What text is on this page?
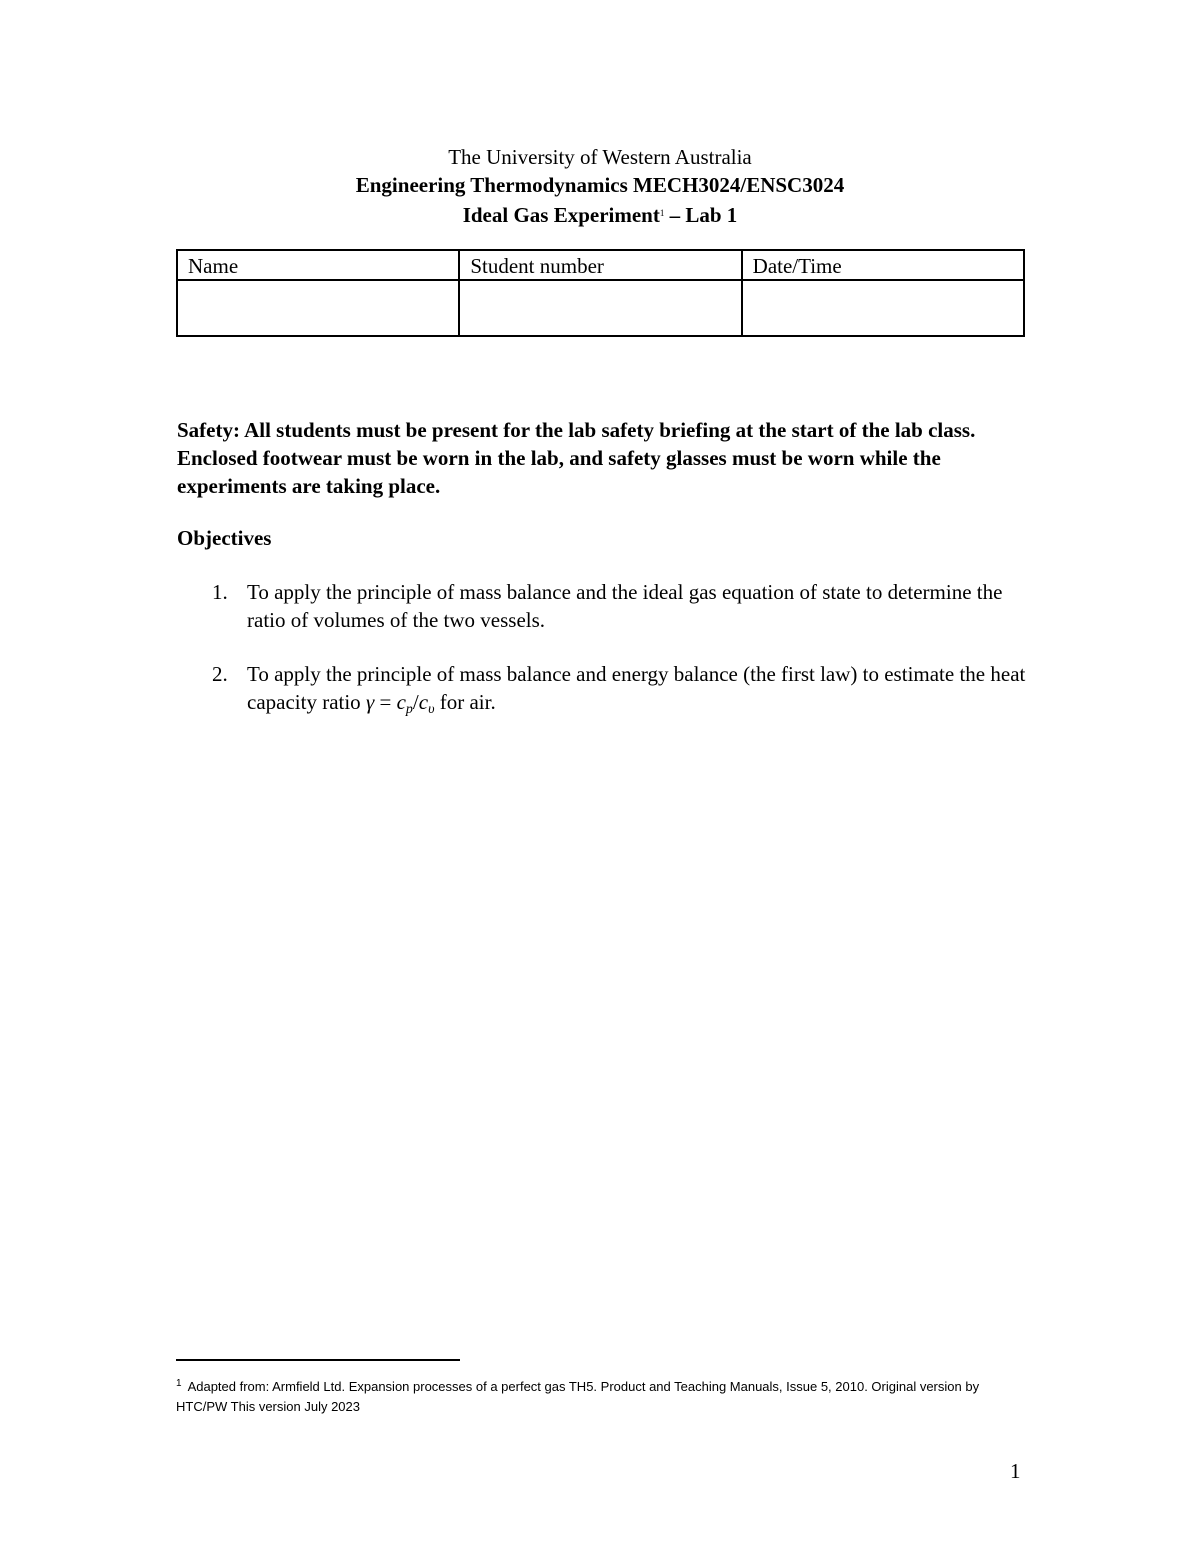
The University of Western Australia
Engineering Thermodynamics MECH3024/ENSC3024
Ideal Gas Experiment$^1$ – Lab 1
Name	Student number	Date/Time

Safety: All students must be present for the lab safety briefing at the start of the lab class. Enclosed footwear must be worn in the lab, and safety glasses must be worn while the experiments are taking place.
Objectives
1. To apply the principle of mass balance and the ideal gas equation of state to determine the ratio of volumes of the two vessels.
2. To apply the principle of mass balance and energy balance (the first law) to estimate the heat capacity ratio $\gamma = c_p/c_\upsilon$ for air.
$^1$ Adapted from: Armfield Ltd. Expansion processes of a perfect gas TH5. Product and Teaching Manuals, Issue 5, 2010. Original version by HTC/PW This version July 2023
1
